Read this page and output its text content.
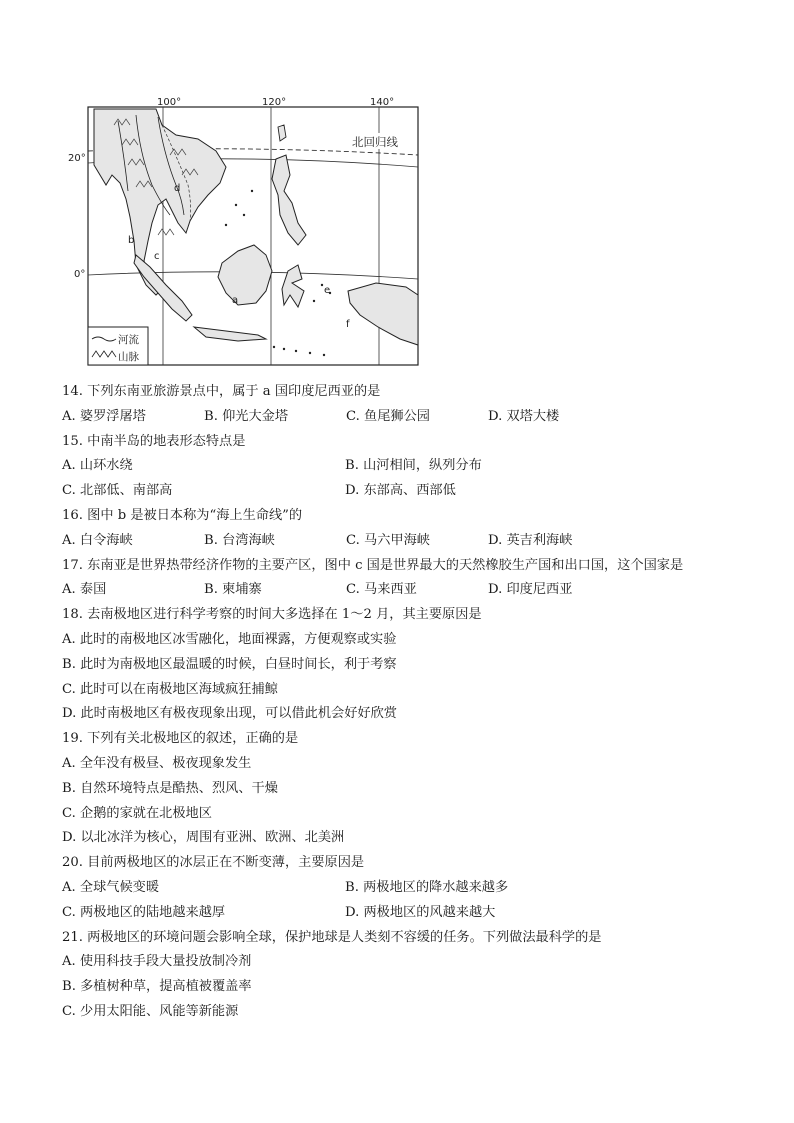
100°	120°	140°
20°
0°
北回归线
a
b
c
d
e
f
河流
山脉
14. 下列东南亚旅游景点中，属于 a 国印度尼西亚的是
A. 婆罗浮屠塔	B. 仰光大金塔	C. 鱼尾狮公园	D. 双塔大楼
15. 中南半岛的地表形态特点是
A. 山环水绕	B. 山河相间，纵列分布
C. 北部低、南部高	D. 东部高、西部低
16. 图中 b 是被日本称为“海上生命线”的
A. 白令海峡	B. 台湾海峡	C. 马六甲海峡	D. 英吉利海峡
17. 东南亚是世界热带经济作物的主要产区，图中 c 国是世界最大的天然橡胶生产国和出口国，这个国家是
A. 泰国	B. 柬埔寨	C. 马来西亚	D. 印度尼西亚
18. 去南极地区进行科学考察的时间大多选择在 1～2 月，其主要原因是
A. 此时的南极地区冰雪融化，地面裸露，方便观察或实验
B. 此时为南极地区最温暖的时候，白昼时间长，利于考察
C. 此时可以在南极地区海域疯狂捕鲸
D. 此时南极地区有极夜现象出现，可以借此机会好好欣赏
19. 下列有关北极地区的叙述，正确的是
A. 全年没有极昼、极夜现象发生
B. 自然环境特点是酷热、烈风、干燥
C. 企鹅的家就在北极地区
D. 以北冰洋为核心，周围有亚洲、欧洲、北美洲
20. 目前两极地区的冰层正在不断变薄，主要原因是
A. 全球气候变暖	B. 两极地区的降水越来越多
C. 两极地区的陆地越来越厚	D. 两极地区的风越来越大
21. 两极地区的环境问题会影响全球，保护地球是人类刻不容缓的任务。下列做法最科学的是
A. 使用科技手段大量投放制冷剂
B. 多植树种草，提高植被覆盖率
C. 少用太阳能、风能等新能源
